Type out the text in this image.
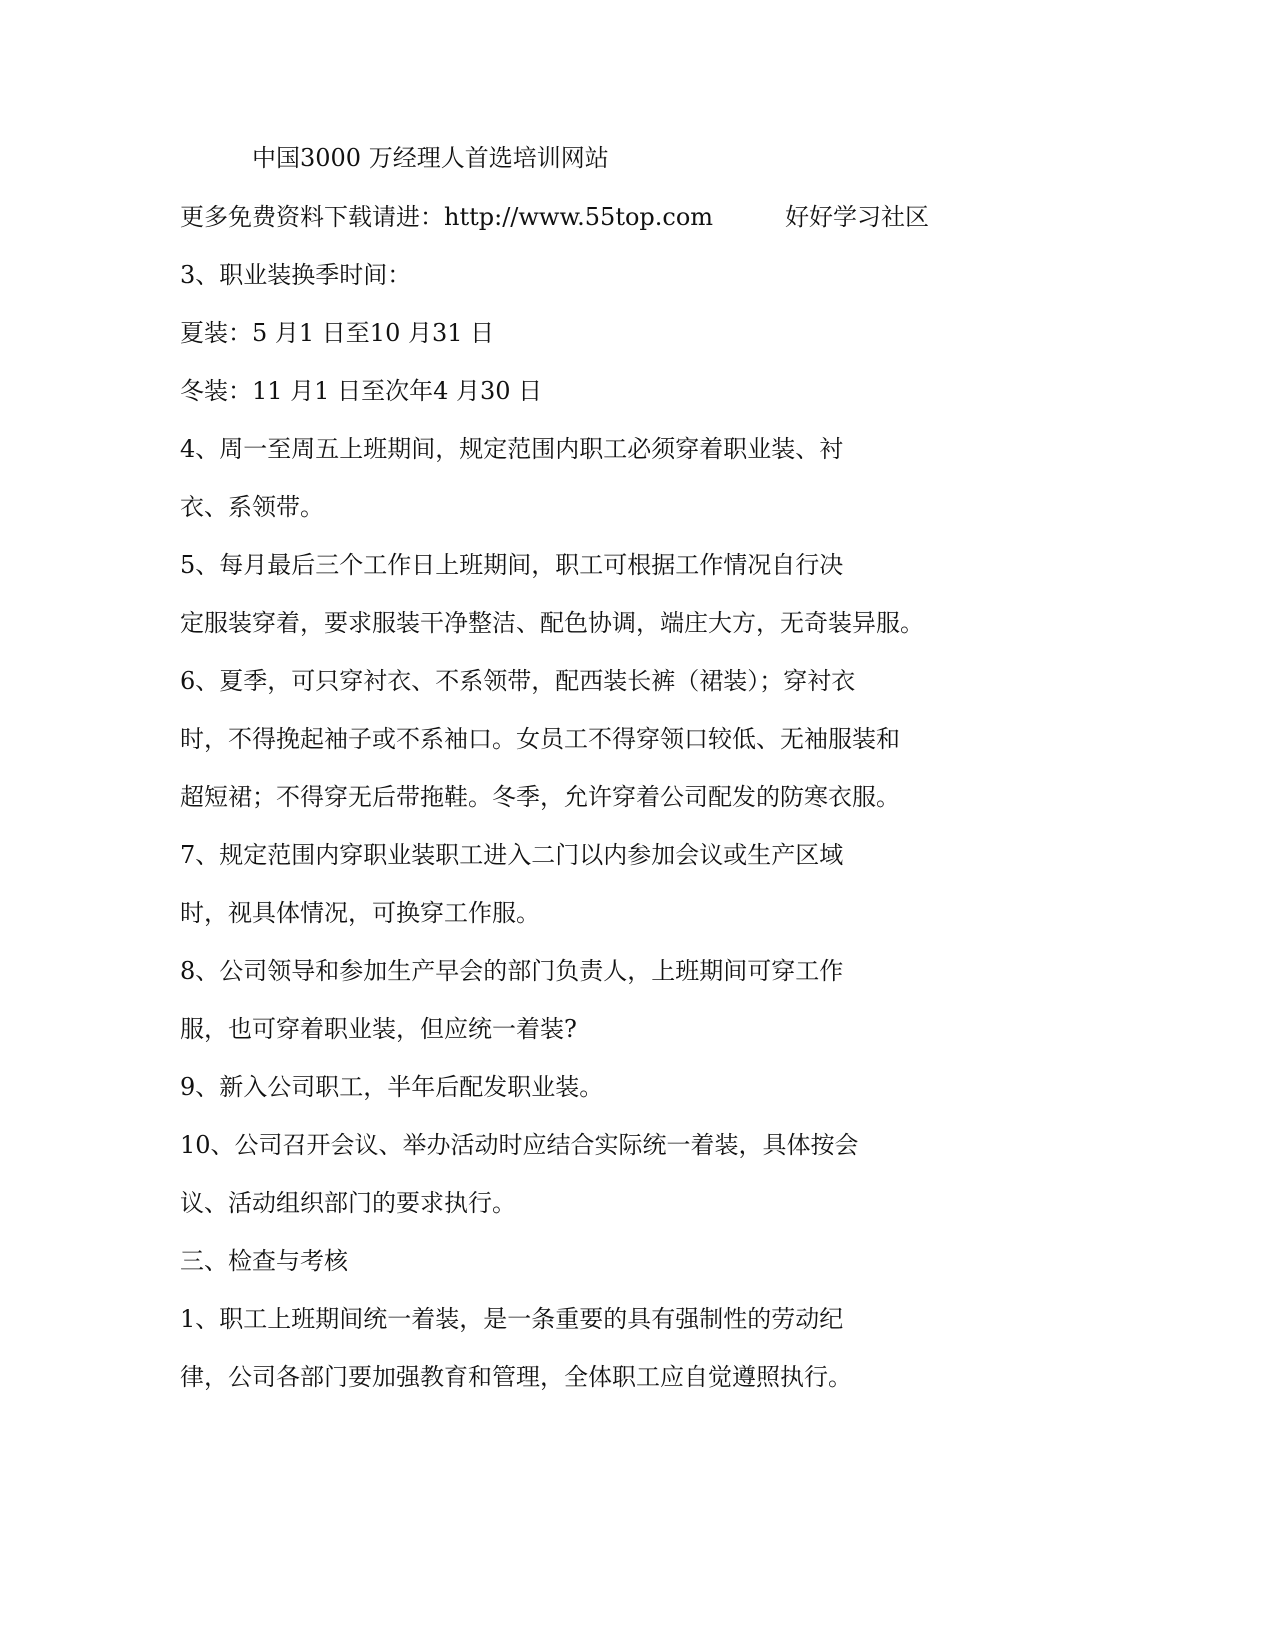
中国3000 万经理人首选培训网站
更多免费资料下载请进：http://www.55top.com	好好学习社区
3、职业装换季时间：
夏装：5 月1 日至10 月31 日
冬装：11 月1 日至次年4 月30 日
4、周一至周五上班期间，规定范围内职工必须穿着职业装、衬
衣、系领带。
5、每月最后三个工作日上班期间，职工可根据工作情况自行决
定服装穿着，要求服装干净整洁、配色协调，端庄大方，无奇装异服。
6、夏季，可只穿衬衣、不系领带，配西装长裤（裙装）；穿衬衣
时，不得挽起袖子或不系袖口。女员工不得穿领口较低、无袖服装和
超短裙；不得穿无后带拖鞋。冬季，允许穿着公司配发的防寒衣服。
7、规定范围内穿职业装职工进入二门以内参加会议或生产区域
时，视具体情况，可换穿工作服。
8、公司领导和参加生产早会的部门负责人，上班期间可穿工作
服，也可穿着职业装，但应统一着装?
9、新入公司职工，半年后配发职业装。
10、公司召开会议、举办活动时应结合实际统一着装，具体按会
议、活动组织部门的要求执行。
三、检查与考核
1、职工上班期间统一着装，是一条重要的具有强制性的劳动纪
律，公司各部门要加强教育和管理，全体职工应自觉遵照执行。
